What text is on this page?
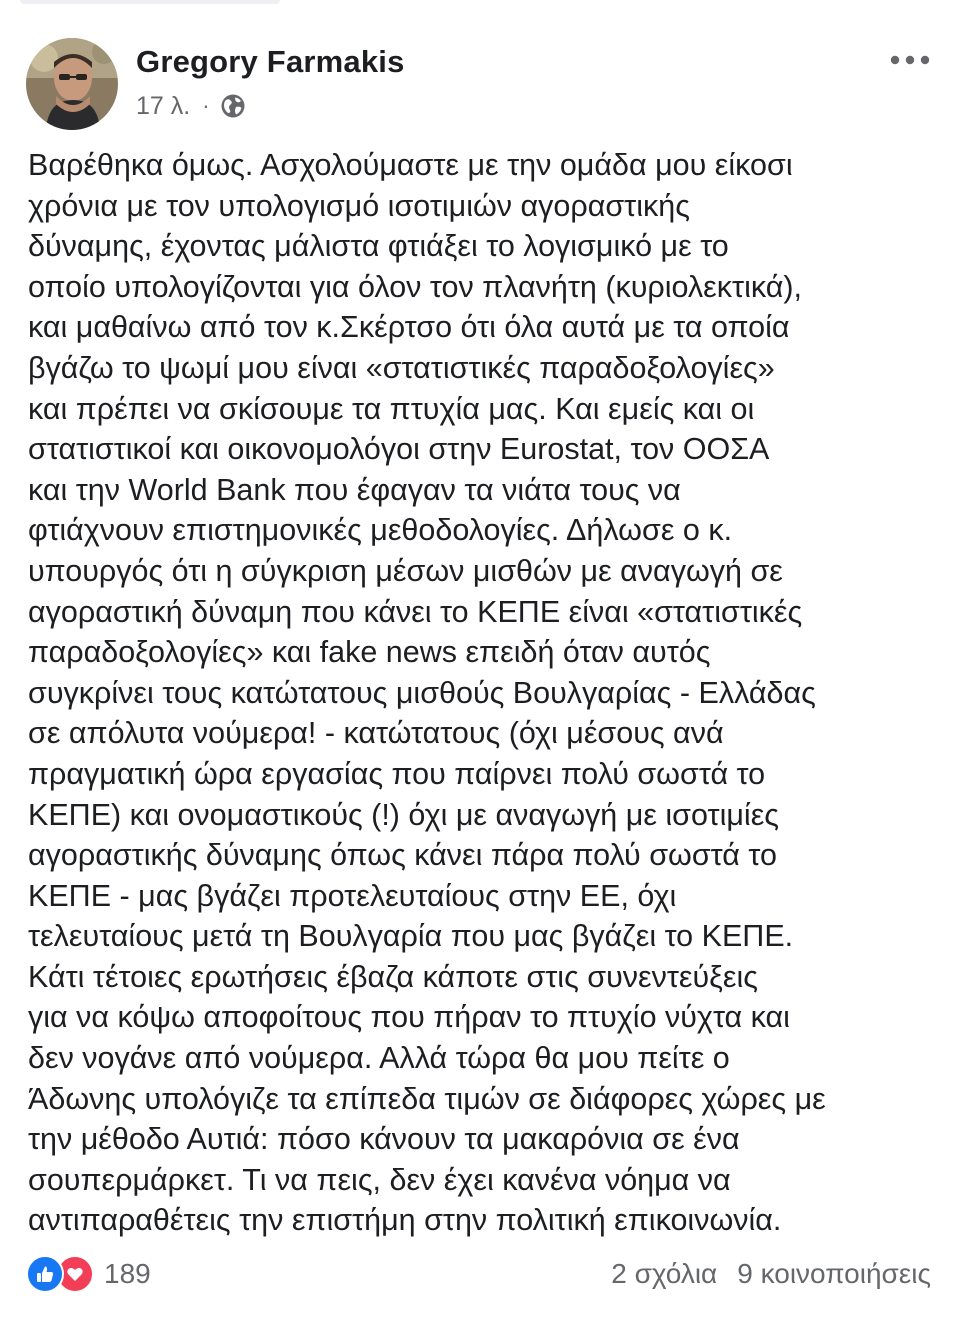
Gregory Farmakis
17 λ. ·

Βαρέθηκα όμως. Ασχολούμαστε με την ομάδα μου είκοσι
χρόνια με τον υπολογισμό ισοτιμιών αγοραστικής
δύναμης, έχοντας μάλιστα φτιάξει το λογισμικό με το
οποίο υπολογίζονται για όλον τον πλανήτη (κυριολεκτικά),
και μαθαίνω από τον κ.Σκέρτσο ότι όλα αυτά με τα οποία
βγάζω το ψωμί μου είναι «στατιστικές παραδοξολογίες»
και πρέπει να σκίσουμε τα πτυχία μας. Και εμείς και οι
στατιστικοί και οικονομολόγοι στην Eurostat, τον ΟΟΣΑ
και την World Bank που έφαγαν τα νιάτα τους να
φτιάχνουν επιστημονικές μεθοδολογίες. Δήλωσε ο κ.
υπουργός ότι η σύγκριση μέσων μισθών με αναγωγή σε
αγοραστική δύναμη που κάνει το ΚΕΠΕ είναι «στατιστικές
παραδοξολογίες» και fake news επειδή όταν αυτός
συγκρίνει τους κατώτατους μισθούς Βουλγαρίας - Ελλάδας
σε απόλυτα νούμερα! - κατώτατους (όχι μέσους ανά
πραγματική ώρα εργασίας που παίρνει πολύ σωστά το
ΚΕΠΕ) και ονομαστικούς (!) όχι με αναγωγή με ισοτιμίες
αγοραστικής δύναμης όπως κάνει πάρα πολύ σωστά το
ΚΕΠΕ - μας βγάζει προτελευταίους στην ΕΕ, όχι
τελευταίους μετά τη Βουλγαρία που μας βγάζει το ΚΕΠΕ.
Κάτι τέτοιες ερωτήσεις έβαζα κάποτε στις συνεντεύξεις
για να κόψω αποφοίτους που πήραν το πτυχίο νύχτα και
δεν νογάνε από νούμερα. Αλλά τώρα θα μου πείτε ο
Άδωνης υπολόγιζε τα επίπεδα τιμών σε διάφορες χώρες με
την μέθοδο Αυτιά: πόσο κάνουν τα μακαρόνια σε ένα
σουπερμάρκετ. Τι να πεις, δεν έχει κανένα νόημα να
αντιπαραθέτεις την επιστήμη στην πολιτική επικοινωνία.

189	2 σχόλια 9 κοινοποιήσεις
